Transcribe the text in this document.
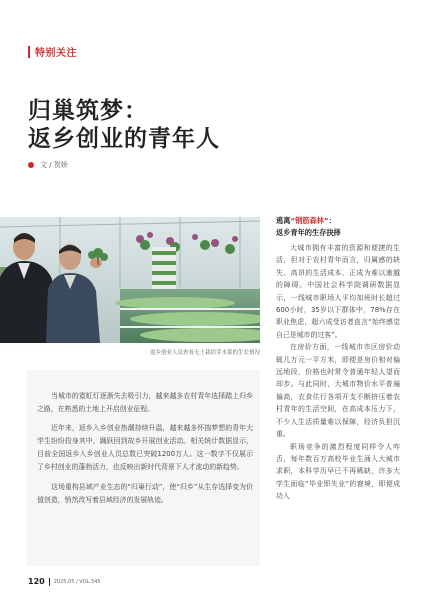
特别关注
归巢筑梦：
返乡创业的青年人
文 / 贺娇
返乡创业人员查看无土栽培芽水菜的生长情况
逃离“钢筋森林”：
返乡青年的生存抉择

大城市拥有丰富的资源和便捷的生活，但对于农村青年而言，归属感的缺失、高昂的生活成本、正成为难以逾越的障碍。中国社会科学院调研数据显示，一线城市职场人平均加班时长超过600小时，35岁以下群体中，78%存在职业焦虑，超六成受访者直言“始终感觉自己是城市的过客”。

在房价方面，一线城市市区房价动辄几万元一平方米，即便是房价相对偏远地段，价格也时常令普通年轻人望而却步。与此同时，大城市物价水平普遍偏高，衣食住行各项开支不断挤压着农村青年的生活空间，在高成本压力下，不少人生活质量难以保障，经济负担沉重。

职场竞争的激烈程度同样令人咋舌，每年数百万高校毕业生涌入大城市求职，本科学历早已不再稀缺，许多大学生面临“毕业即失业”的窘境，即便成功入

当城市的霓虹灯逐渐失去吸引力，越来越多农村青年选择踏上归乡之路，在熟悉的土地上开启创业征程。

近年来，返乡入乡创业热潮持续升温，越来越多怀揣梦想的青年大学生纷纷投身其中，踊跃回到故乡开展创业活动。相关统计数据显示，目前全国返乡入乡创业人员总数已突破1200万人。这一数字不仅展示了乡村创业的蓬勃活力，也反映出新时代背景下人才流动的新趋势。

这场重构县域产业生态的“归巢行动”，使“归乡”从生存选择变为价值创造，悄然改写着县域经济的发展轨迹。

120 2025.05 / VOL.345
